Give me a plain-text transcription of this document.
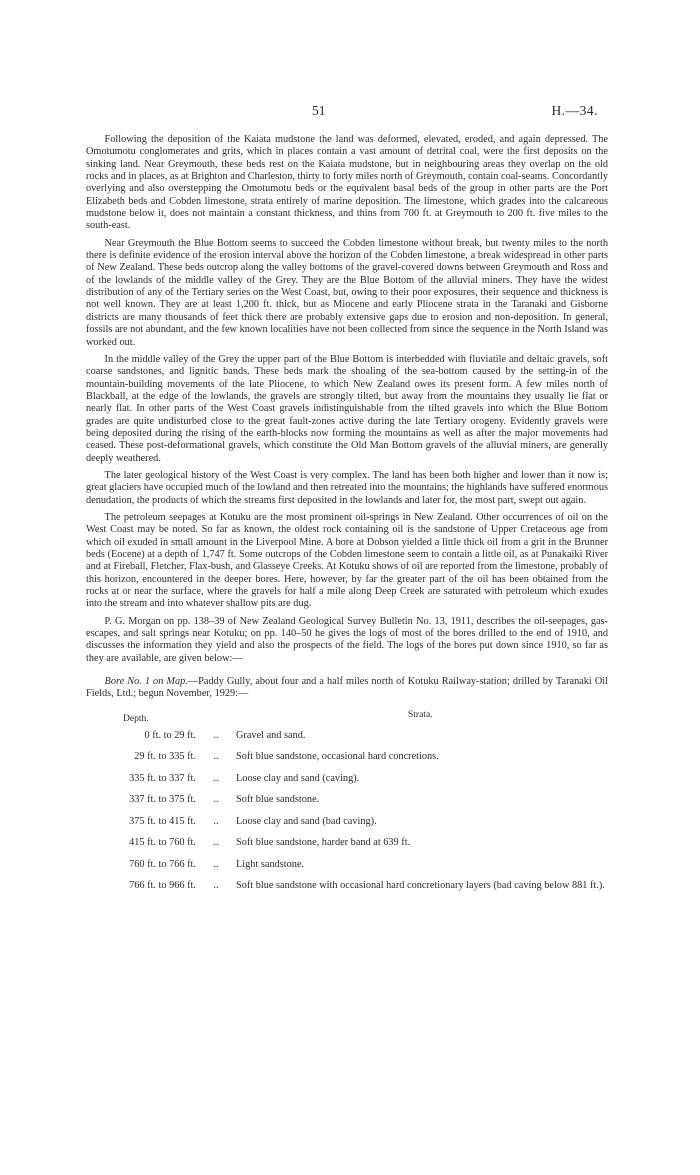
51	H.—34.

Following the deposition of the Kaiata mudstone the land was deformed, elevated, eroded, and again depressed. The Omotumotu conglomerates and grits, which in places contain a vast amount of detrital coal, were the first deposits on the sinking land. Near Greymouth, these beds rest on the Kaiata mudstone, but in neighbouring areas they overlap on the old rocks and in places, as at Brighton and Charleston, thirty to forty miles north of Greymouth, contain coal-seams. Concordantly overlying and also overstepping the Omotumotu beds or the equivalent basal beds of the group in other parts are the Port Elizabeth beds and Cobden limestone, strata entirely of marine deposition. The limestone, which grades into the calcareous mudstone below it, does not maintain a constant thickness, and thins from 700 ft. at Greymouth to 200 ft. five miles to the south-east.

Near Greymouth the Blue Bottom seems to succeed the Cobden limestone without break, but twenty miles to the north there is definite evidence of the erosion interval above the horizon of the Cobden limestone, a break widespread in other parts of New Zealand. These beds outcrop along the valley bottoms of the gravel-covered downs between Greymouth and Ross and of the lowlands of the middle valley of the Grey. They are the Blue Bottom of the alluvial miners. They have the widest distribution of any of the Tertiary series on the West Coast, but, owing to their poor exposures, their sequence and thickness is not well known. They are at least 1,200 ft. thick, but as Miocene and early Pliocene strata in the Taranaki and Gisborne districts are many thousands of feet thick there are probably extensive gaps due to erosion and non-deposition. In general, fossils are not abundant, and the few known localities have not been collected from since the sequence in the North Island was worked out.

In the middle valley of the Grey the upper part of the Blue Bottom is interbedded with fluviatile and deltaic gravels, soft coarse sandstones, and lignitic bands. These beds mark the shoaling of the sea-bottom caused by the setting-in of the mountain-building movements of the late Pliocene, to which New Zealand owes its present form. A few miles north of Blackball, at the edge of the lowlands, the gravels are strongly tilted, but away from the mountains they usually lie flat or nearly flat. In other parts of the West Coast gravels indistinguishable from the tilted gravels into which the Blue Bottom grades are quite undisturbed close to the great fault-zones active during the late Tertiary orogeny. Evidently gravels were being deposited during the rising of the earth-blocks now forming the mountains as well as after the major movements had ceased. These post-deformational gravels, which constitute the Old Man Bottom gravels of the alluvial miners, are generally deeply weathered.

The later geological history of the West Coast is very complex. The land has been both higher and lower than it now is; great glaciers have occupied much of the lowland and then retreated into the mountains; the highlands have suffered enormous denudation, the products of which the streams first deposited in the lowlands and later for, the most part, swept out again.

The petroleum seepages at Kotuku are the most prominent oil-springs in New Zealand. Other occurrences of oil on the West Coast may be noted. So far as known, the oldest rock containing oil is the sandstone of Upper Cretaceous age from which oil exuded in small amount in the Liverpool Mine. A bore at Dobson yielded a little thick oil from a grit in the Brunner beds (Eocene) at a depth of 1,747 ft. Some outcrops of the Cobden limestone seem to contain a little oil, as at Punakaiki River and at Fireball, Fletcher, Flax-bush, and Glasseye Creeks. At Kotuku shows of oil are reported from the limestone, probably of this horizon, encountered in the deeper bores. Here, however, by far the greater part of the oil has been obtained from the rocks at or near the surface, where the gravels for half a mile along Deep Creek are saturated with petroleum which exudes into the stream and into whatever shallow pits are dug.

P. G. Morgan on pp. 138–39 of New Zealand Geological Survey Bulletin No. 13, 1911, describes the oil-seepages, gas-escapes, and salt springs near Kotuku; on pp. 140–50 he gives the logs of most of the bores drilled to the end of 1910, and discusses the information they yield and also the prospects of the field. The logs of the bores put down since 1910, so far as they are available, are given below:—

Bore No. 1 on Map.—Paddy Gully, about four and a half miles north of Kotuku Railway-station; drilled by Taranaki Oil Fields, Ltd.; begun November, 1929:—
Depth.	Strata.
0 ft. to 29 ft.	..	Gravel and sand.
29 ft. to 335 ft.	..	Soft blue sandstone, occasional hard concretions.
335 ft. to 337 ft.	..	Loose clay and sand (caving).
337 ft. to 375 ft.	..	Soft blue sandstone.
375 ft. to 415 ft.	..	Loose clay and sand (bad caving).
415 ft. to 760 ft.	..	Soft blue sandstone, harder band at 639 ft.
760 ft. to 766 ft.	..	Light sandstone.
766 ft. to 966 ft.	..	Soft blue sandstone with occasional hard concretionary layers (bad caving below 881 ft.).
